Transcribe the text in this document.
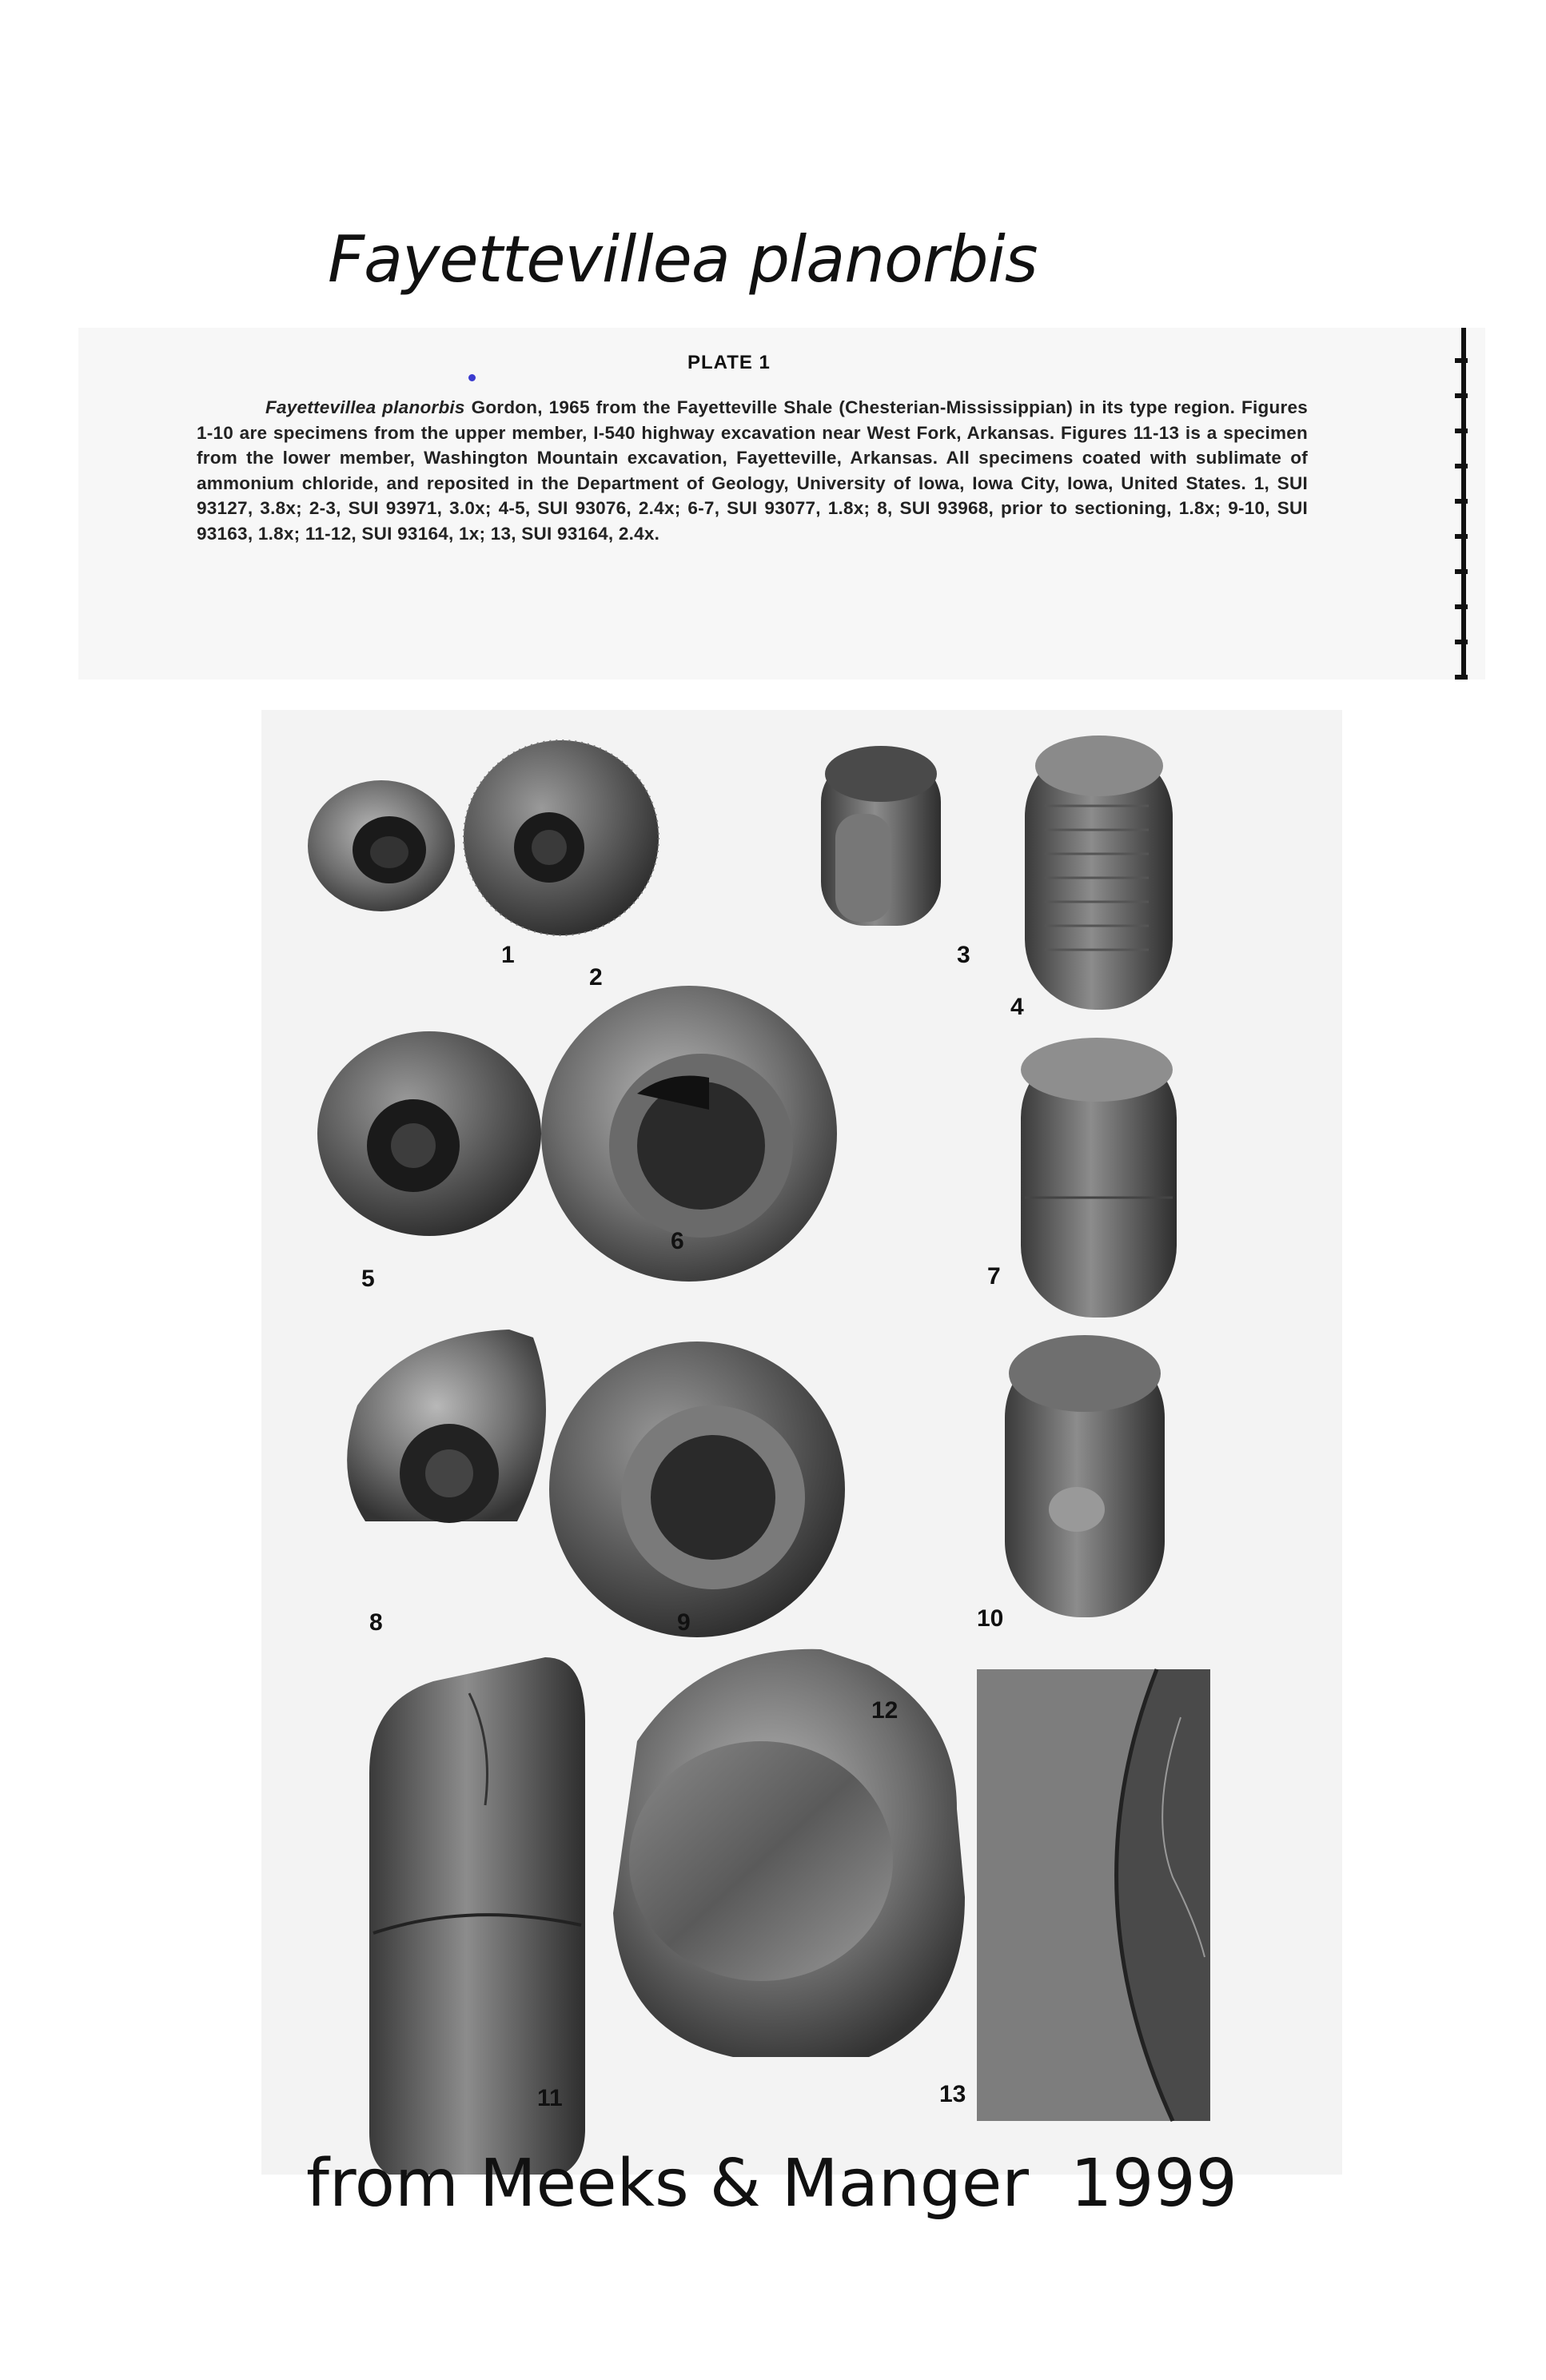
Fayettevillea planorbis
PLATE 1
Fayettevillea planorbis Gordon, 1965 from the Fayetteville Shale (Chesterian-Mississippian) in its type region. Figures 1-10 are specimens from the upper member, I-540 highway excavation near West Fork, Arkansas. Figures 11-13 is a specimen from the lower member, Washington Mountain excavation, Fayetteville, Arkansas. All specimens coated with sublimate of ammonium chloride, and reposited in the Department of Geology, University of Iowa, Iowa City, Iowa, United States. 1, SUI 93127, 3.8x; 2-3, SUI 93971, 3.0x; 4-5, SUI 93076, 2.4x; 6-7, SUI 93077, 1.8x; 8, SUI 93968, prior to sectioning, 1.8x; 9-10, SUI 93163, 1.8x; 11-12, SUI 93164, 1x; 13, SUI 93164, 2.4x.
1
2
3
4
5
6
7
8	9	10
11
12
13
from Meeks & Manger  1999
